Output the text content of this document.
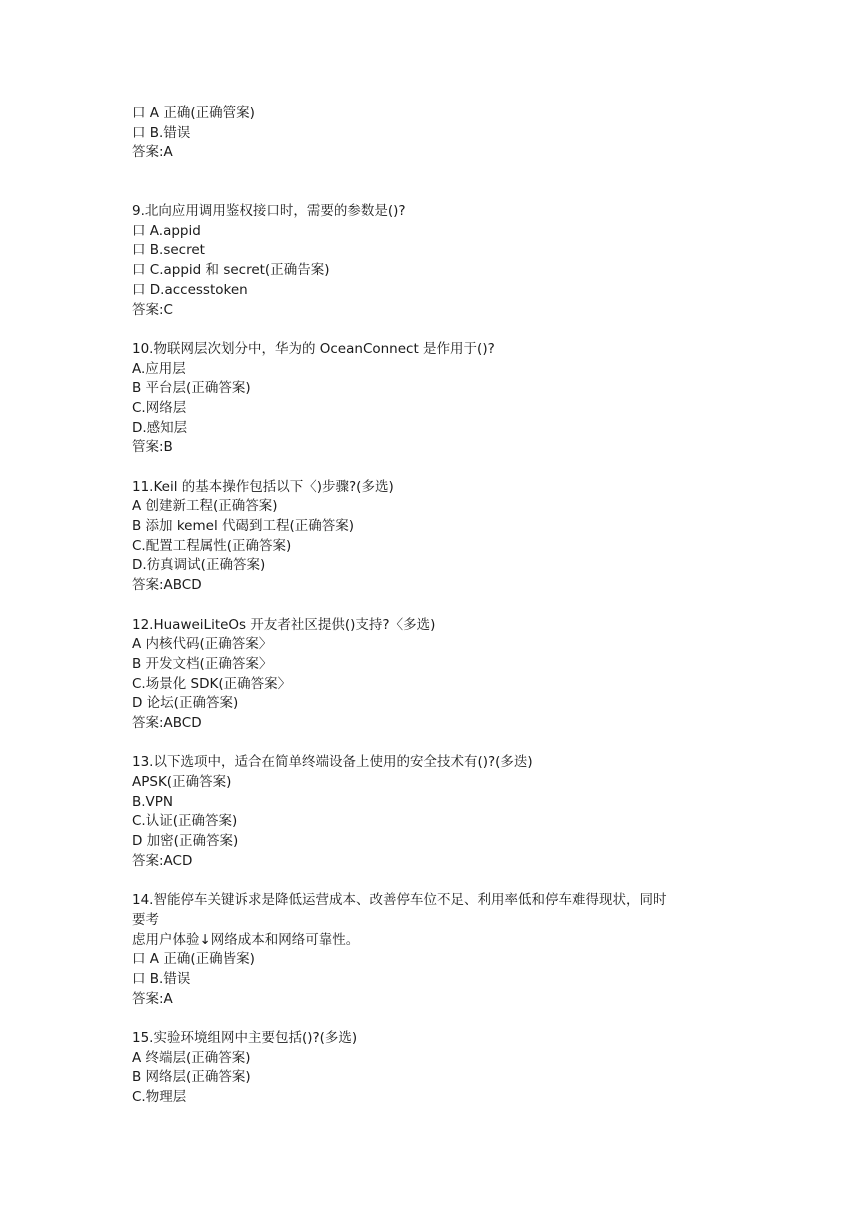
口 A 正确(正确管案)
口 B.错误
答案:A
9.北向应用调用鉴权接口时，需要的参数是()?
口 A.appid
口 B.secret
口 C.appid 和 secret(正确告案)
口 D.accesstoken
答案:C
10.物联网层次划分中，华为的 OceanConnect 是作用于()?
A.应用层
B 平台层(正确答案)
C.网络层
D.感知层
管案:B
11.Keil 的基本操作包括以下〈)步骤?(多选)
A 创建新工程(正确答案)
B 添加 kemel 代碣到工程(正确答案)
C.配置工程属性(正确答案)
D.彷真调试(正确答案)
答案:ABCD
12.HuaweiLiteOs 开友者社区提供()支持?〈多选)
A 内核代码(正确答案〉
B 开发文档(正确答案〉
C.场景化 SDK(正确答案〉
D 论坛(正确答案)
答案:ABCD
13.以下选项中，适合在简单终端设备上使用的安全技术有()?(多迭)
APSK(正确答案)
B.VPN
C.认证(正确答案)
D 加密(正确答案)
答案:ACD
14.智能停车关键诉求是降低运营成本、改善停车位不足、利用率低和停车难得现状，同时
要考
虑用户体验↓网络成本和网络可靠性。
口 A 正确(正确皆案)
口 B.错误
答案:A
15.实验环境组网中主要包括()?(多选)
A 终端层(正确答案)
B 网络层(正确答案)
C.物理层
